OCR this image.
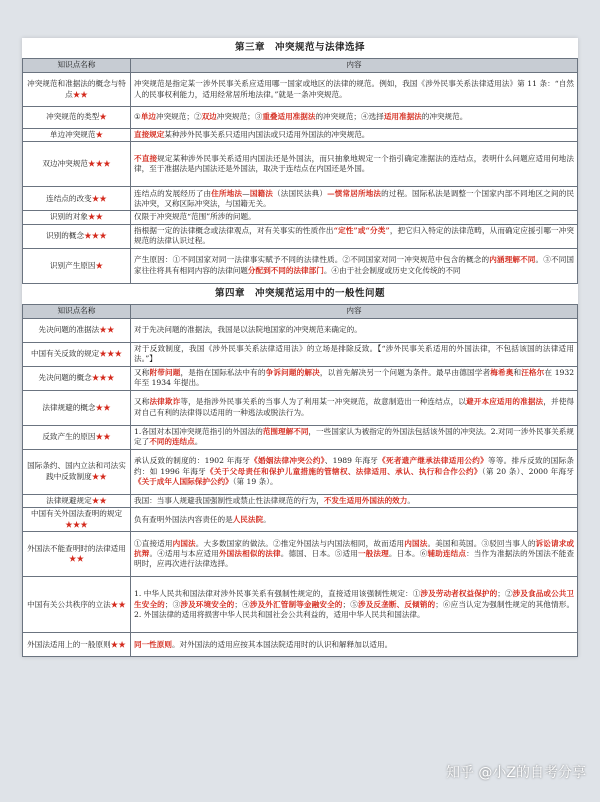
第三章　冲突规范与法律选择
知识点名称	内容
冲突规范和准据法的概念与特点★★	冲突规范是指定某一涉外民事关系应适用哪一国家或地区的法律的规范。例如，我国《涉外民事关系法律适用法》第 11 条：“自然人的民事权利能力，适用经常居所地法律。”就是一条冲突规范。
冲突规范的类型★	①单边冲突规范；②双边冲突规范；③重叠适用准据法的冲突规范；④选择适用准据法的冲突规范。
单边冲突规范★	直接规定某种涉外民事关系只适用内国法或只适用外国法的冲突规范。
双边冲突规范★★★	不直接规定某种涉外民事关系适用内国法还是外国法，而只抽象地规定一个指引确定准据法的连结点，表明什么问题应适用何地法律，至于准据法是内国法还是外国法，取决于连结点在内国还是外国。
连结点的改变★★	连结点的发展经历了由住所地法—国籍法（法国民法典）—惯常居所地法的过程。国际私法是调整一个国家内部不同地区之间的民法冲突，又称区际冲突法，与国籍无关。
识别的对象★★	仅限于冲突规范“范围”所涉的问题。
识别的概念★★★	指根据一定的法律概念或法律观点，对有关事实的性质作出“定性”或“分类”，把它归入特定的法律范畴，从而确定应援引哪一冲突规范的法律认识过程。
识别产生原因★	产生原因：①不同国家对同一法律事实赋予不同的法律性质。②不同国家对同一冲突规范中包含的概念的内涵理解不同。③不同国家往往将具有相同内容的法律问题分配到不同的法律部门。④由于社会制度或历史文化传统的不同
第四章　冲突规范运用中的一般性问题
知识点名称	内容
先决问题的准据法★★	对于先决问题的准据法，我国是以法院地国家的冲突规范来确定的。
中国有关反致的规定★★★	对于反致制度，我国《涉外民事关系法律适用法》的立场是排除反致。【“涉外民事关系适用的外国法律，不包括该国的法律适用法。”】
先决问题的概念★★★	又称附带问题，是指在国际私法中有的争诉问题的解决，以首先解决另一个问题为条件。最早由德国学者梅希奥和汪格尔在 1932 年至 1934 年提出。
法律规避的概念★★	又称法律欺诈等，是指涉外民事关系的当事人为了利用某一冲突规范，故意制造出一种连结点，以避开本应适用的准据法，并使得对自己有利的法律得以适用的一种逃法或脱法行为。
反致产生的原因★★	1.各国对本国冲突规范指引的外国法的范围理解不同，一些国家认为被指定的外国法包括该外国的冲突法。2.对同一涉外民事关系规定了不同的连结点。
国际条约、国内立法和司法实践中反致制度★★	承认反致的制度的：1902 年海牙《婚姻法律冲突公约》、1989 年海牙《死者遗产继承法律适用公约》等等。排斥反致的国际条约：如 1996 年海牙《关于父母责任和保护儿童措施的管辖权、法律适用、承认、执行和合作公约》（第 20 条）、2000 年海牙《关于成年人国际保护公约》（第 19 条）。
法律规避规定★★	我国：当事人规避我国强制性或禁止性法律规范的行为，不发生适用外国法的效力。
中国有关外国法查明的规定★★★	负有查明外国法内容责任的是人民法院。
外国法不能查明时的法律适用★★	①直接适用内国法。大多数国家的做法。②推定外国法与内国法相同，故而适用内国法。美国和英国。③驳回当事人的诉讼请求或抗辩。④适用与本应适用外国法相似的法律。德国、日本。⑤适用一般法理。日本。⑥辅助连结点：当作为准据法的外国法不能查明时，应再次进行法律选择。
中国有关公共秩序的立法★★	1. 中华人民共和国法律对涉外民事关系有强制性规定的，直接适用该强制性规定：①涉及劳动者权益保护的；②涉及食品或公共卫生安全的；③涉及环境安全的；④涉及外汇管制等金融安全的；⑤涉及反垄断、反倾销的；⑥应当认定为强制性规定的其他情形。2. 外国法律的适用将损害中华人民共和国社会公共利益的，适用中华人民共和国法律。
外国法适用上的一般原则★★	同一性原则。对外国法的适用应按其本国法院适用时的认识和解释加以适用。
知乎 @小Z的自考分享
